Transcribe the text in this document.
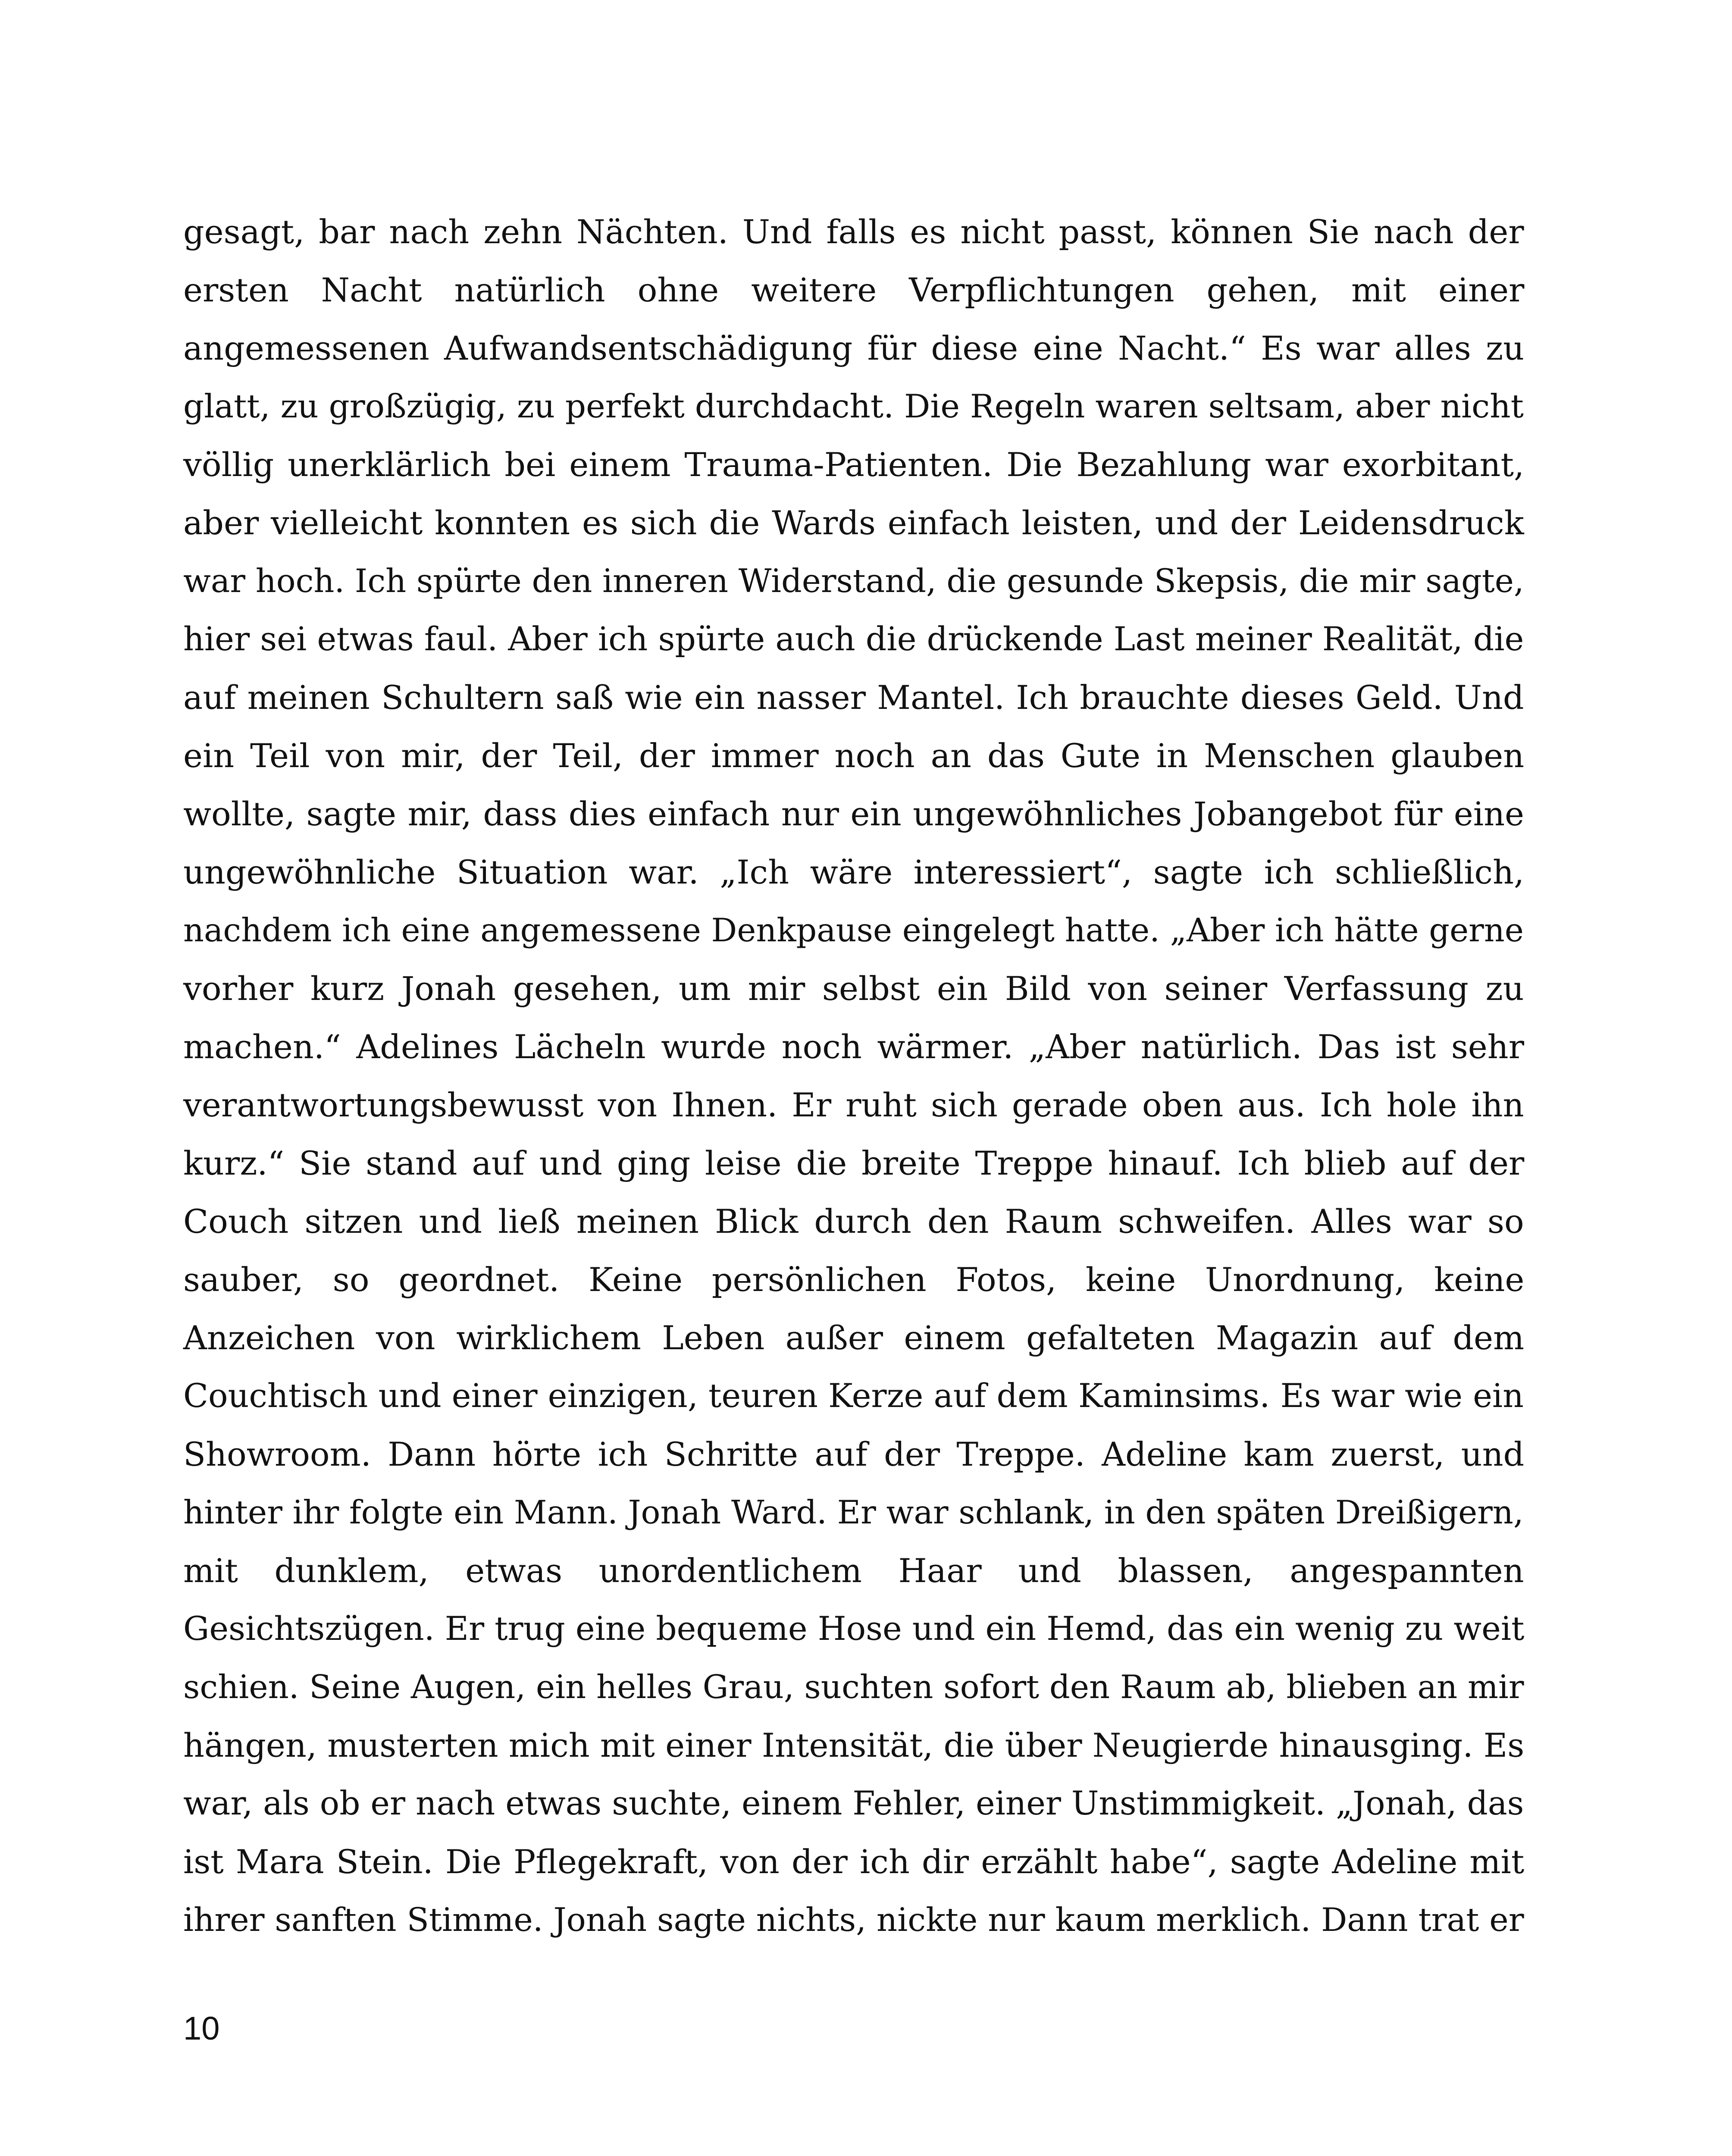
gesagt, bar nach zehn Nächten. Und falls es nicht passt, können Sie nach der
ersten Nacht natürlich ohne weitere Verpflichtungen gehen, mit einer
angemessenen Aufwandsentschädigung für diese eine Nacht.“ Es war alles zu
glatt, zu großzügig, zu perfekt durchdacht. Die Regeln waren seltsam, aber nicht
völlig unerklärlich bei einem Trauma-Patienten. Die Bezahlung war exorbitant,
aber vielleicht konnten es sich die Wards einfach leisten, und der Leidensdruck
war hoch. Ich spürte den inneren Widerstand, die gesunde Skepsis, die mir sagte,
hier sei etwas faul. Aber ich spürte auch die drückende Last meiner Realität, die
auf meinen Schultern saß wie ein nasser Mantel. Ich brauchte dieses Geld. Und
ein Teil von mir, der Teil, der immer noch an das Gute in Menschen glauben
wollte, sagte mir, dass dies einfach nur ein ungewöhnliches Jobangebot für eine
ungewöhnliche Situation war. „Ich wäre interessiert“, sagte ich schließlich,
nachdem ich eine angemessene Denkpause eingelegt hatte. „Aber ich hätte gerne
vorher kurz Jonah gesehen, um mir selbst ein Bild von seiner Verfassung zu
machen.“ Adelines Lächeln wurde noch wärmer. „Aber natürlich. Das ist sehr
verantwortungsbewusst von Ihnen. Er ruht sich gerade oben aus. Ich hole ihn
kurz.“ Sie stand auf und ging leise die breite Treppe hinauf. Ich blieb auf der
Couch sitzen und ließ meinen Blick durch den Raum schweifen. Alles war so
sauber, so geordnet. Keine persönlichen Fotos, keine Unordnung, keine
Anzeichen von wirklichem Leben außer einem gefalteten Magazin auf dem
Couchtisch und einer einzigen, teuren Kerze auf dem Kaminsims. Es war wie ein
Showroom. Dann hörte ich Schritte auf der Treppe. Adeline kam zuerst, und
hinter ihr folgte ein Mann. Jonah Ward. Er war schlank, in den späten Dreißigern,
mit dunklem, etwas unordentlichem Haar und blassen, angespannten
Gesichtszügen. Er trug eine bequeme Hose und ein Hemd, das ein wenig zu weit
schien. Seine Augen, ein helles Grau, suchten sofort den Raum ab, blieben an mir
hängen, musterten mich mit einer Intensität, die über Neugierde hinausging. Es
war, als ob er nach etwas suchte, einem Fehler, einer Unstimmigkeit. „Jonah, das
ist Mara Stein. Die Pflegekraft, von der ich dir erzählt habe“, sagte Adeline mit
ihrer sanften Stimme. Jonah sagte nichts, nickte nur kaum merklich. Dann trat er
10
